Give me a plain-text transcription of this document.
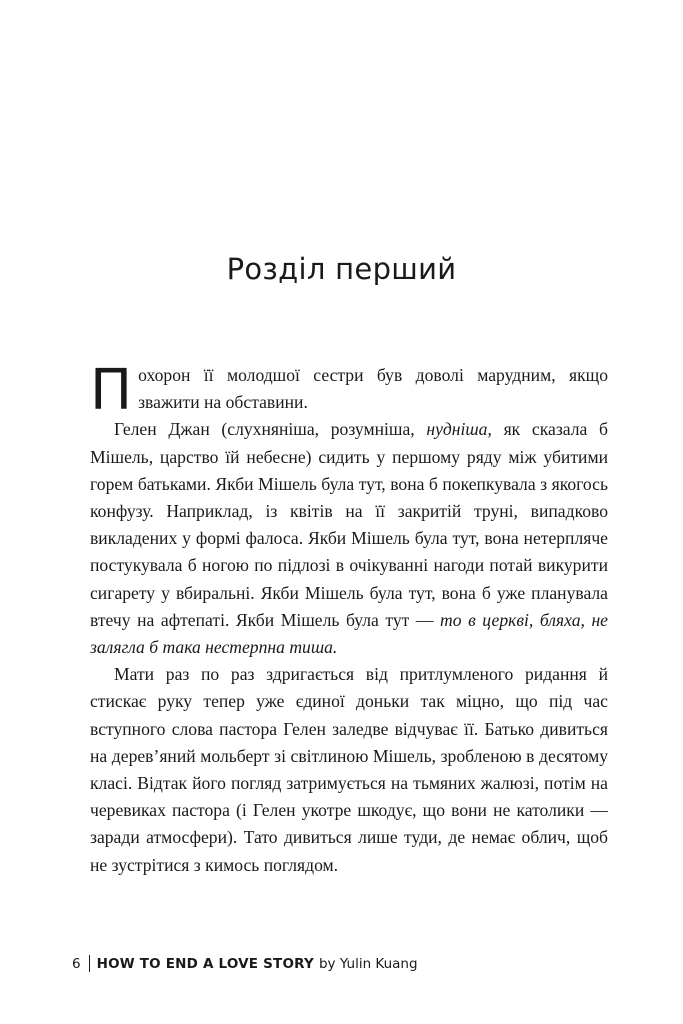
Розділ перший

Похорон її молодшої сестри був доволі марудним, якщо зважити на обставини.

Гелен Джан (слухняніша, розумніша, нудніша, як сказала б Мішель, царство їй небесне) сидить у першому ряду між убитими горем батьками. Якби Мішель була тут, вона б покепкувала з якогось конфузу. Наприклад, із квітів на її закритій труні, випадково викладених у формі фалоса. Якби Мішель була тут, вона нетерпляче постукувала б ногою по підлозі в очікуванні нагоди потай викурити сигарету у вбиральні. Якби Мішель була тут, вона б уже планувала втечу на афтепаті. Якби Мішель була тут — то в церкві, бляха, не залягла б така нестерпна тиша.

Мати раз по раз здригається від притлумленого ридання й стискає руку тепер уже єдиної доньки так міцно, що під час вступного слова пастора Гелен заледве відчуває її. Батько дивиться на дерев’яний мольберт зі світлиною Мішель, зробленою в десятому класі. Відтак його погляд затримується на тьмяних жалюзі, потім на черевиках пастора (і Гелен укотре шкодує, що вони не католики — заради атмосфери). Тато дивиться лише туди, де немає облич, щоб не зустрітися з кимось поглядом.

6 HOW TO END A LOVE STORY by Yulin Kuang
